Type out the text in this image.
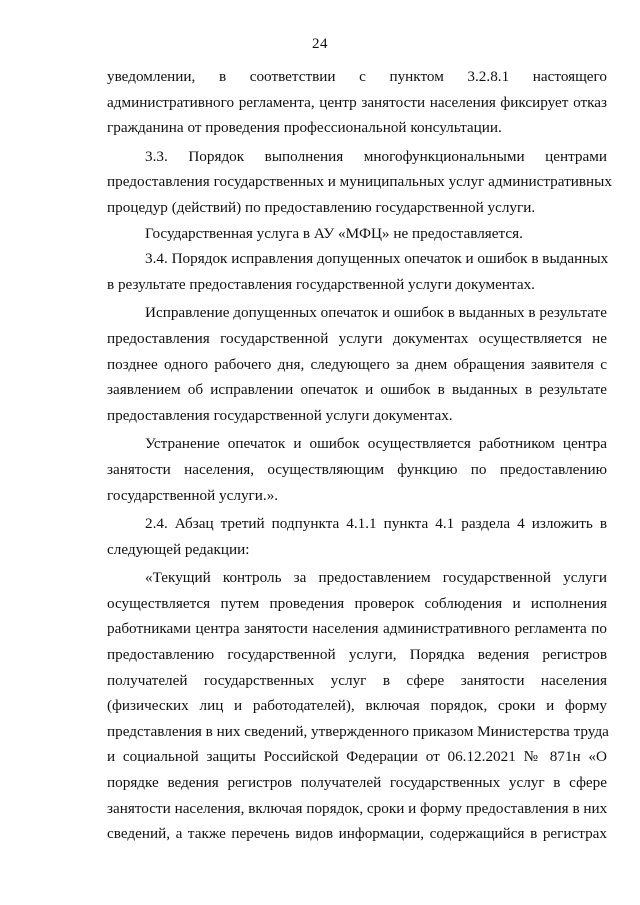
24
уведомлении, в соответствии с пунктом 3.2.8.1 настоящего
административного регламента, центр занятости населения фиксирует отказ
гражданина от проведения профессиональной консультации.
3.3. Порядок выполнения многофункциональными центрами
предоставления государственных и муниципальных услуг административных
процедур (действий) по предоставлению государственной услуги.
Государственная услуга в АУ «МФЦ» не предоставляется.
3.4. Порядок исправления допущенных опечаток и ошибок в выданных
в результате предоставления государственной услуги документах.
Исправление допущенных опечаток и ошибок в выданных в результате
предоставления государственной услуги документах осуществляется не
позднее одного рабочего дня, следующего за днем обращения заявителя с
заявлением об исправлении опечаток и ошибок в выданных в результате
предоставления государственной услуги документах.
Устранение опечаток и ошибок осуществляется работником центра
занятости населения, осуществляющим функцию по предоставлению
государственной услуги.».
2.4. Абзац третий подпункта 4.1.1 пункта 4.1 раздела 4 изложить в
следующей редакции:
«Текущий контроль за предоставлением государственной услуги
осуществляется путем проведения проверок соблюдения и исполнения
работниками центра занятости населения административного регламента по
предоставлению государственной услуги, Порядка ведения регистров
получателей государственных услуг в сфере занятости населения
(физических лиц и работодателей), включая порядок, сроки и форму
представления в них сведений, утвержденного приказом Министерства труда
и социальной защиты Российской Федерации от 06.12.2021 № 871н «О
порядке ведения регистров получателей государственных услуг в сфере
занятости населения, включая порядок, сроки и форму предоставления в них
сведений, а также перечень видов информации, содержащийся в регистрах
